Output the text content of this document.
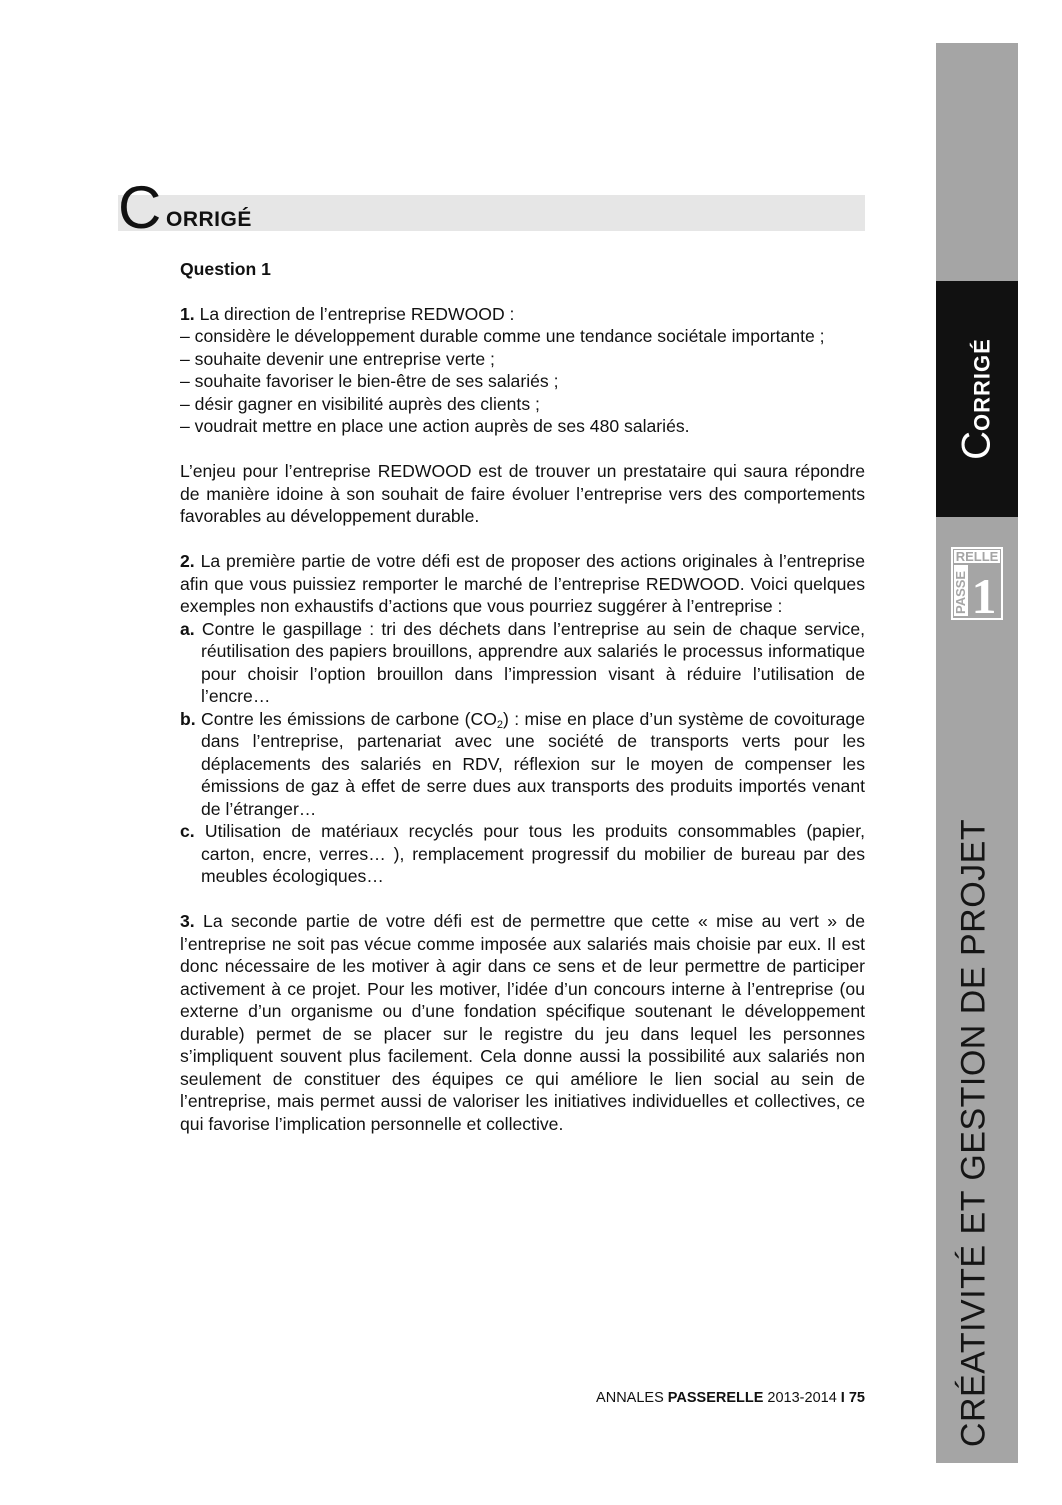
C ORRIGÉ

Question 1

1. La direction de l’entreprise REDWOOD :

– considère le développement durable comme une tendance sociétale importante ;

– souhaite devenir une entreprise verte ;

– souhaite favoriser le bien-être de ses salariés ;

– désir gagner en visibilité auprès des clients ;

– voudrait mettre en place une action auprès de ses 480 salariés.

L’enjeu pour l’entreprise REDWOOD est de trouver un prestataire qui saura répondre de manière idoine à son souhait de faire évoluer l’entreprise vers des comportements favorables au développement durable.

2. La première partie de votre défi est de proposer des actions originales à l’entreprise afin que vous puissiez remporter le marché de l’entreprise REDWOOD. Voici quelques exemples non exhaustifs d’actions que vous pourriez suggérer à l’entreprise :

a. Contre le gaspillage : tri des déchets dans l’entreprise au sein de chaque service, réutilisation des papiers brouillons, apprendre aux salariés le processus informatique pour choisir l’option brouillon dans l’impression visant à réduire l’utilisation de l’encre…

b. Contre les émissions de carbone $(CO_2)$ : mise en place d’un système de covoiturage dans l’entreprise, partenariat avec une société de transports verts pour les déplacements des salariés en RDV, réflexion sur le moyen de compenser les émissions de gaz à effet de serre dues aux transports des produits importés venant de l’étranger…

c. Utilisation de matériaux recyclés pour tous les produits consommables (papier, carton, encre, verres… ), remplacement progressif du mobilier de bureau par des meubles écologiques…

3. La seconde partie de votre défi est de permettre que cette « mise au vert » de l’entreprise ne soit pas vécue comme imposée aux salariés mais choisie par eux. Il est donc nécessaire de les motiver à agir dans ce sens et de leur permettre de participer activement à ce projet. Pour les motiver, l’idée d’un concours interne à l’entreprise (ou externe d’un organisme ou d’une fondation spécifique soutenant le développement durable) permet de se placer sur le registre du jeu dans lequel les personnes s’impliquent souvent plus facilement. Cela donne aussi la possibilité aux salariés non seulement de constituer des équipes ce qui améliore le lien social au sein de l’entreprise, mais permet aussi de valoriser les initiatives individuelles et collectives, ce qui favorise l’implication personnelle et collective.

ANNALES PASSERELLE 2013-2014 I 75
CORRIGÉ
RELLE
PASSE 1
CRÉATIVITÉ ET GESTION DE PROJET
